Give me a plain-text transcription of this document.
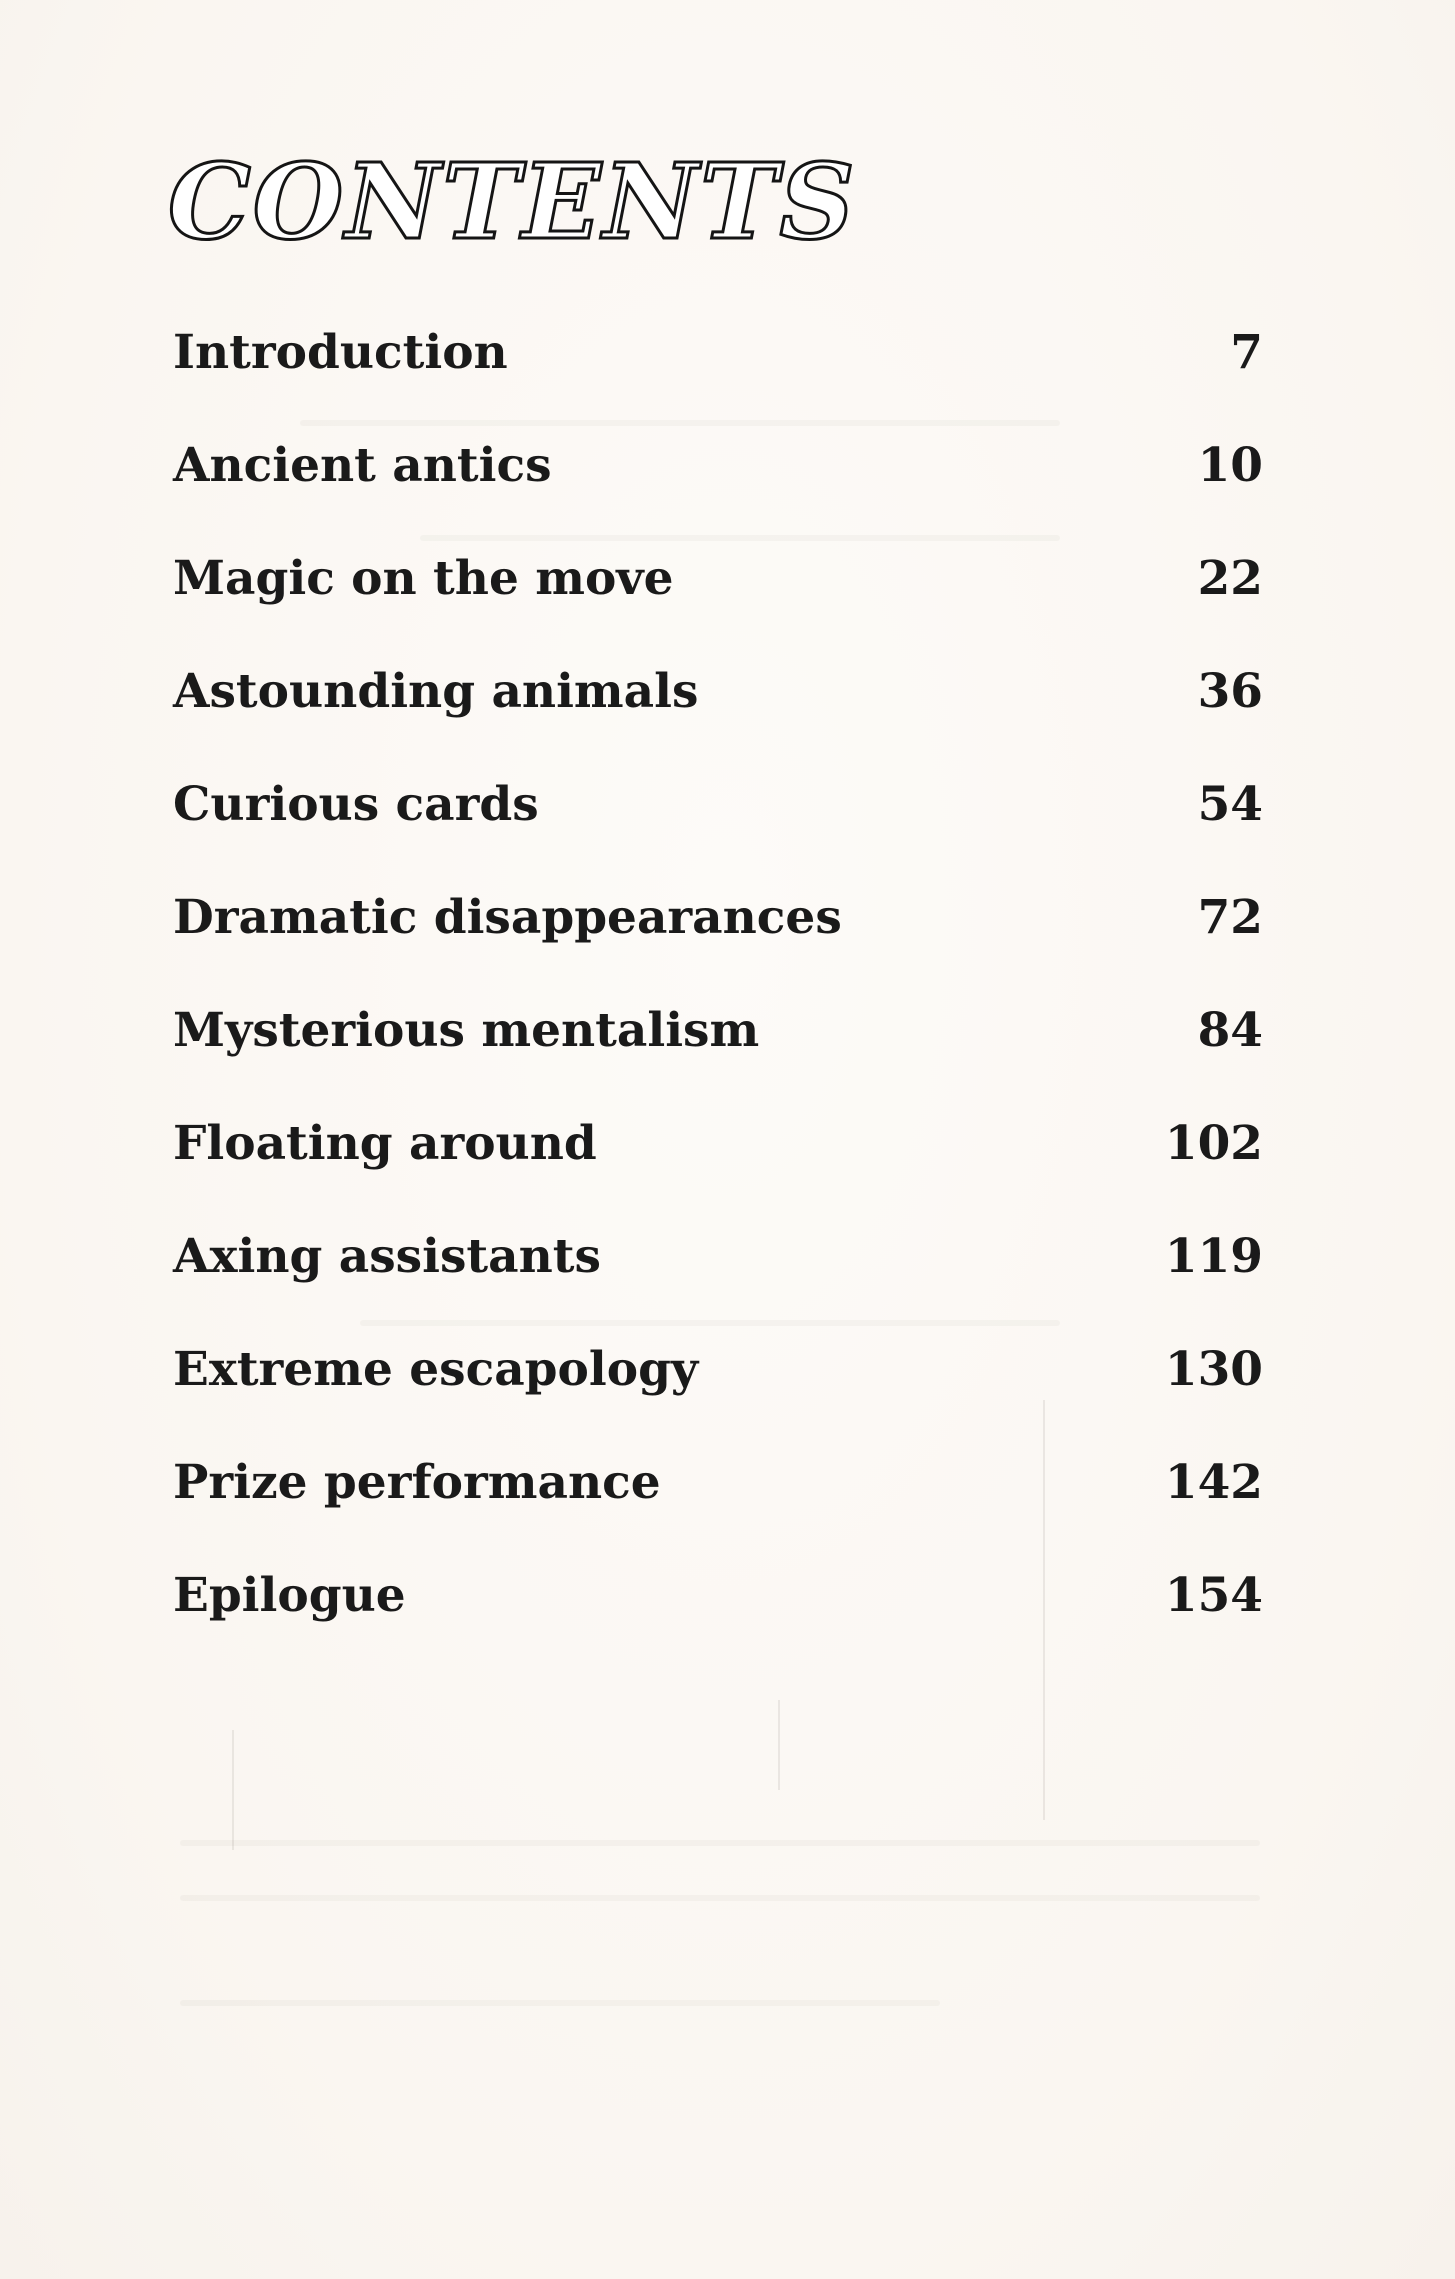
CONTENTS
Introduction	7
Ancient antics	10
Magic on the move	22
Astounding animals	36
Curious cards	54
Dramatic disappearances	72
Mysterious mentalism	84
Floating around	102
Axing assistants	119
Extreme escapology	130
Prize performance	142
Epilogue	154
